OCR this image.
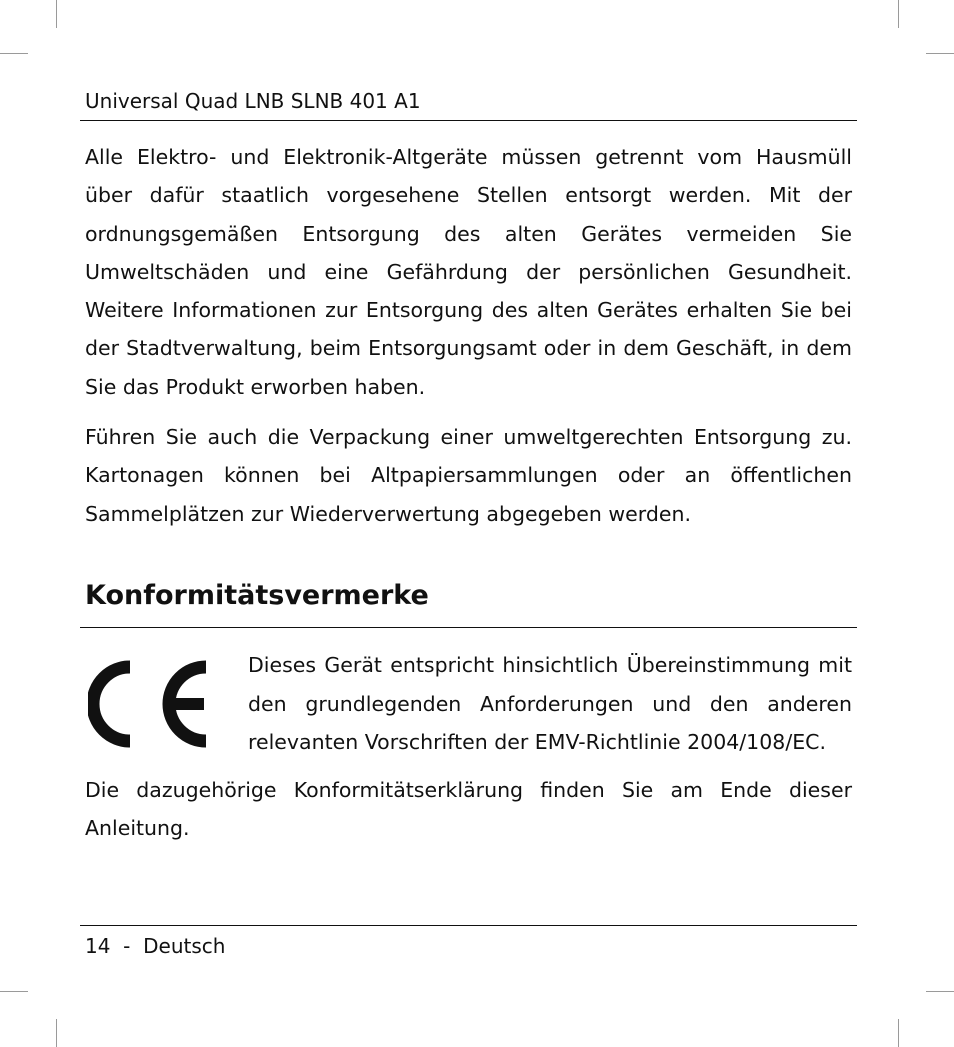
Universal Quad LNB SLNB 401 A1

Alle Elektro- und Elektronik-Altgeräte müssen getrennt vom Hausmüll über dafür staatlich vorgesehene Stellen entsorgt werden. Mit der ordnungsgemäßen Entsorgung des alten Gerätes vermeiden Sie Umweltschäden und eine Gefährdung der persönlichen Gesundheit. Weitere Informationen zur Entsorgung des alten Gerätes erhalten Sie bei der Stadtverwaltung, beim Entsorgungsamt oder in dem Geschäft, in dem Sie das Produkt erworben haben.

Führen Sie auch die Verpackung einer umweltgerechten Entsorgung zu. Kartonagen können bei Altpapiersammlungen oder an öffentlichen Sammelplätzen zur Wiederverwertung abgegeben werden.

Konformitätsvermerke

Dieses Gerät entspricht hinsichtlich Übereinstimmung mit den grundlegenden Anforderungen und den anderen relevanten Vorschriften der EMV-Richtlinie 2004/108/EC.

Die dazugehörige Konformitätserklärung finden Sie am Ende dieser Anleitung.

14 - Deutsch
